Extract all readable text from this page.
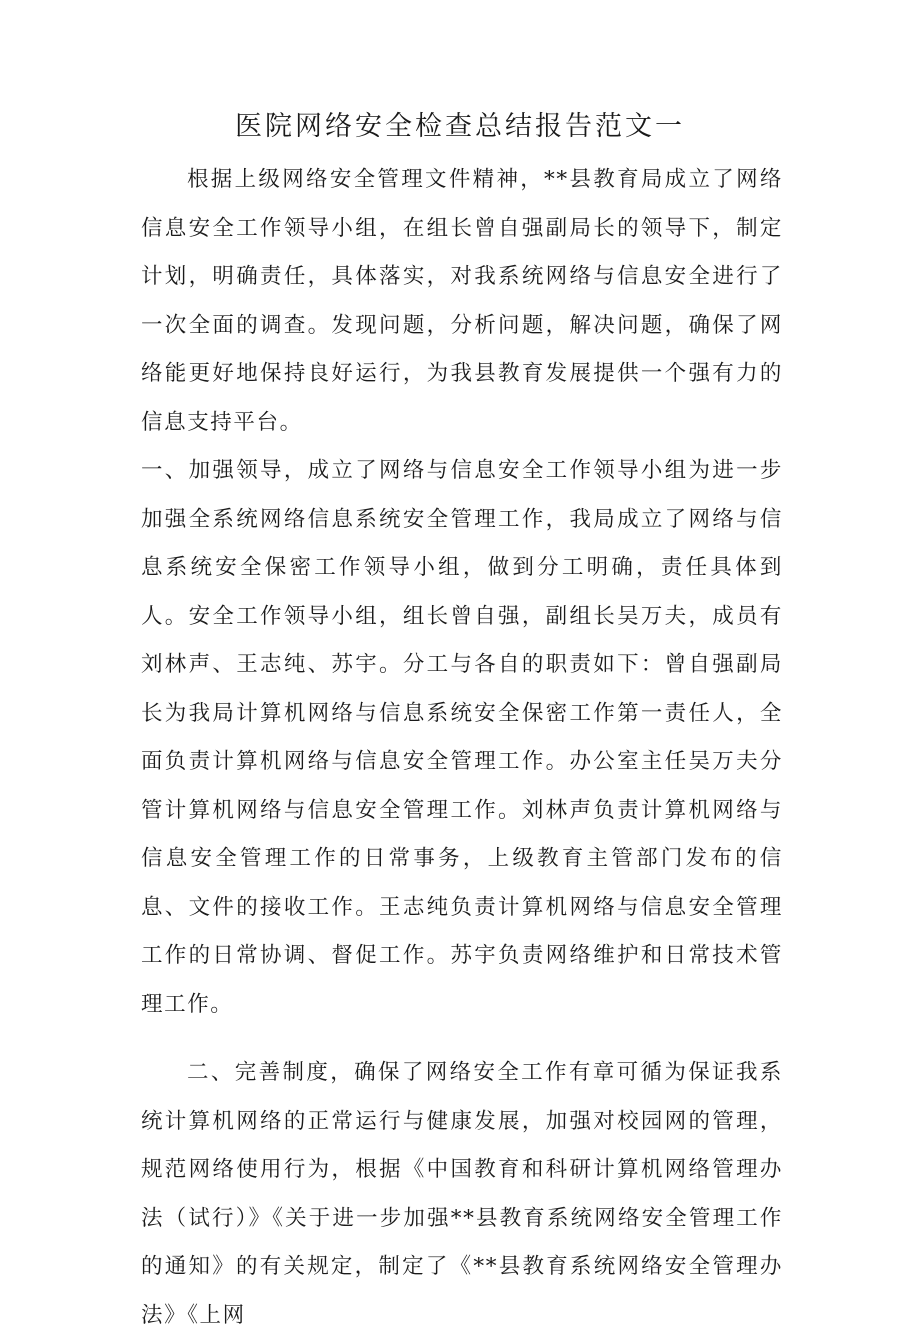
医院网络安全检查总结报告范文一

根据上级网络安全管理文件精神，**县教育局成立了网络信息安全工作领导小组，在组长曾自强副局长的领导下，制定计划，明确责任，具体落实，对我系统网络与信息安全进行了一次全面的调查。发现问题，分析问题，解决问题，确保了网络能更好地保持良好运行，为我县教育发展提供一个强有力的信息支持平台。

一、加强领导，成立了网络与信息安全工作领导小组为进一步加强全系统网络信息系统安全管理工作，我局成立了网络与信息系统安全保密工作领导小组，做到分工明确，责任具体到人。安全工作领导小组，组长曾自强，副组长吴万夫，成员有刘林声、王志纯、苏宇。分工与各自的职责如下：曾自强副局长为我局计算机网络与信息系统安全保密工作第一责任人，全面负责计算机网络与信息安全管理工作。办公室主任吴万夫分管计算机网络与信息安全管理工作。刘林声负责计算机网络与信息安全管理工作的日常事务，上级教育主管部门发布的信息、文件的接收工作。王志纯负责计算机网络与信息安全管理工作的日常协调、督促工作。苏宇负责网络维护和日常技术管理工作。

二、完善制度，确保了网络安全工作有章可循为保证我系统计算机网络的正常运行与健康发展，加强对校园网的管理，规范网络使用行为，根据《中国教育和科研计算机网络管理办法（试行）》《关于进一步加强**县教育系统网络安全管理工作的通知》的有关规定，制定了《**县教育系统网络安全管理办法》《上网
